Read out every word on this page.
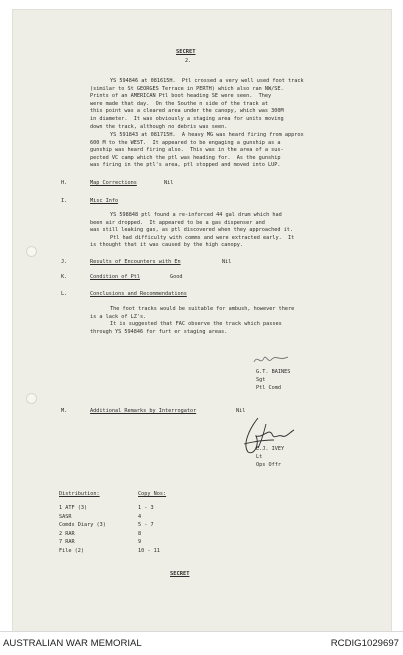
SECRET

2.

YS 594846 at 081615H.  Ptl crossed a very well used foot track

(similar to St GEORGES Terrace in PERTH) which also ran NW/SE.

Prints of an AMERICAN Ptl boot heading SE were seen.  They

were made that day.  On the Southe n side of the track at

this point was a cleared area under the canopy, which was 300M

in diameter.  It was obviously a staging area for units moving

down the track, although no debris was seen.

YS 591843 at 081715H.  A heavy MG was heard firing from approx

600 M to the WEST.  It appeared to be engaging a gunship as a

gunship was heard firing also.  This was in the area of a sus-

pected VC camp which the ptl was heading for.  As the gunship

was firing in the ptl's area, ptl stopped and moved into LUP.

H.	Map Corrections	Nil

I.	Misc Info

YS 598848 ptl found a re-inforced 44 gal drum which had

been air dropped.  It appeared to be a gas dispenser and

was still leaking gas, as ptl discovered when they approached it.

Ptl had difficulty with comms and were extracted early.  It

is thought that it was caused by the high canopy.

J.	Results of Encounters with En	Nil

K.	Condition of Ptl	Good

L.	Conclusions and Recommendations

The foot tracks would be suitable for ambush, however there

is a lack of LZ's.

It is suggested that FAC observe the track which passes

through YS 594846 for furt er staging areas.

G.T. BAINES

Sgt

Ptl Comd

M.	Additional Remarks by Interrogator	Nil

E.J. IVEY

Lt

Ops Offr

Distribution:	Copy Nos:

1 ATF (3)	1 - 3

SASR	4

Comds Diary (3)	5 - 7

2 RAR	8

7 RAR	9

File (2)	10 - 11

SECRET

AUSTRALIAN WAR MEMORIAL	RCDIG1029697
